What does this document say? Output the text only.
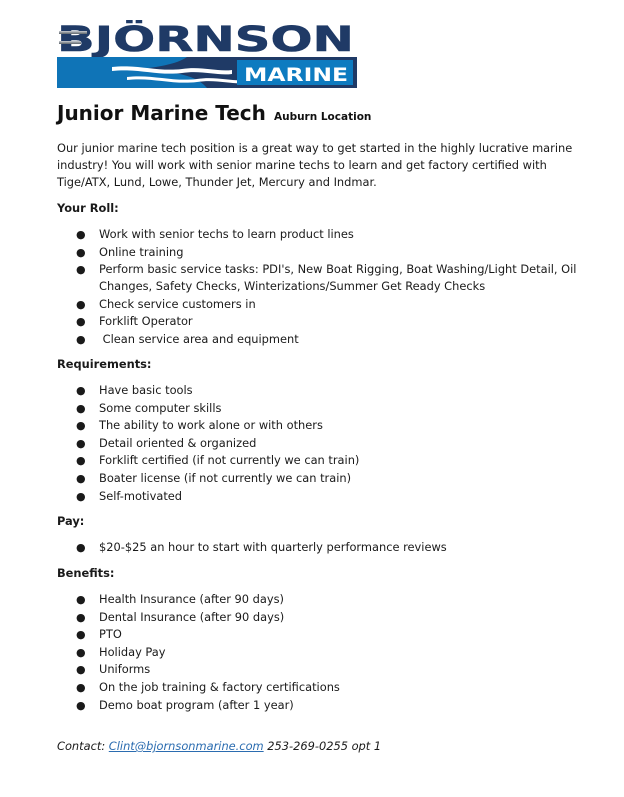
BJÖRNSON
MARINE
Junior Marine Tech Auburn Location
Our junior marine tech position is a great way to get started in the highly lucrative marine industry! You will work with senior marine techs to learn and get factory certified with Tige/ATX, Lund, Lowe, Thunder Jet, Mercury and Indmar.
Your Roll:
● Work with senior techs to learn product lines
● Online training
● Perform basic service tasks: PDI's, New Boat Rigging, Boat Washing/Light Detail, Oil Changes, Safety Checks, Winterizations/Summer Get Ready Checks
● Check service customers in
● Forklift Operator
● Clean service area and equipment
Requirements:
● Have basic tools
● Some computer skills
● The ability to work alone or with others
● Detail oriented & organized
● Forklift certified (if not currently we can train)
● Boater license (if not currently we can train)
● Self-motivated
Pay:
● $20-$25 an hour to start with quarterly performance reviews
Benefits:
● Health Insurance (after 90 days)
● Dental Insurance (after 90 days)
● PTO
● Holiday Pay
● Uniforms
● On the job training & factory certifications
● Demo boat program (after 1 year)
Contact: Clint@bjornsonmarine.com 253-269-0255 opt 1
